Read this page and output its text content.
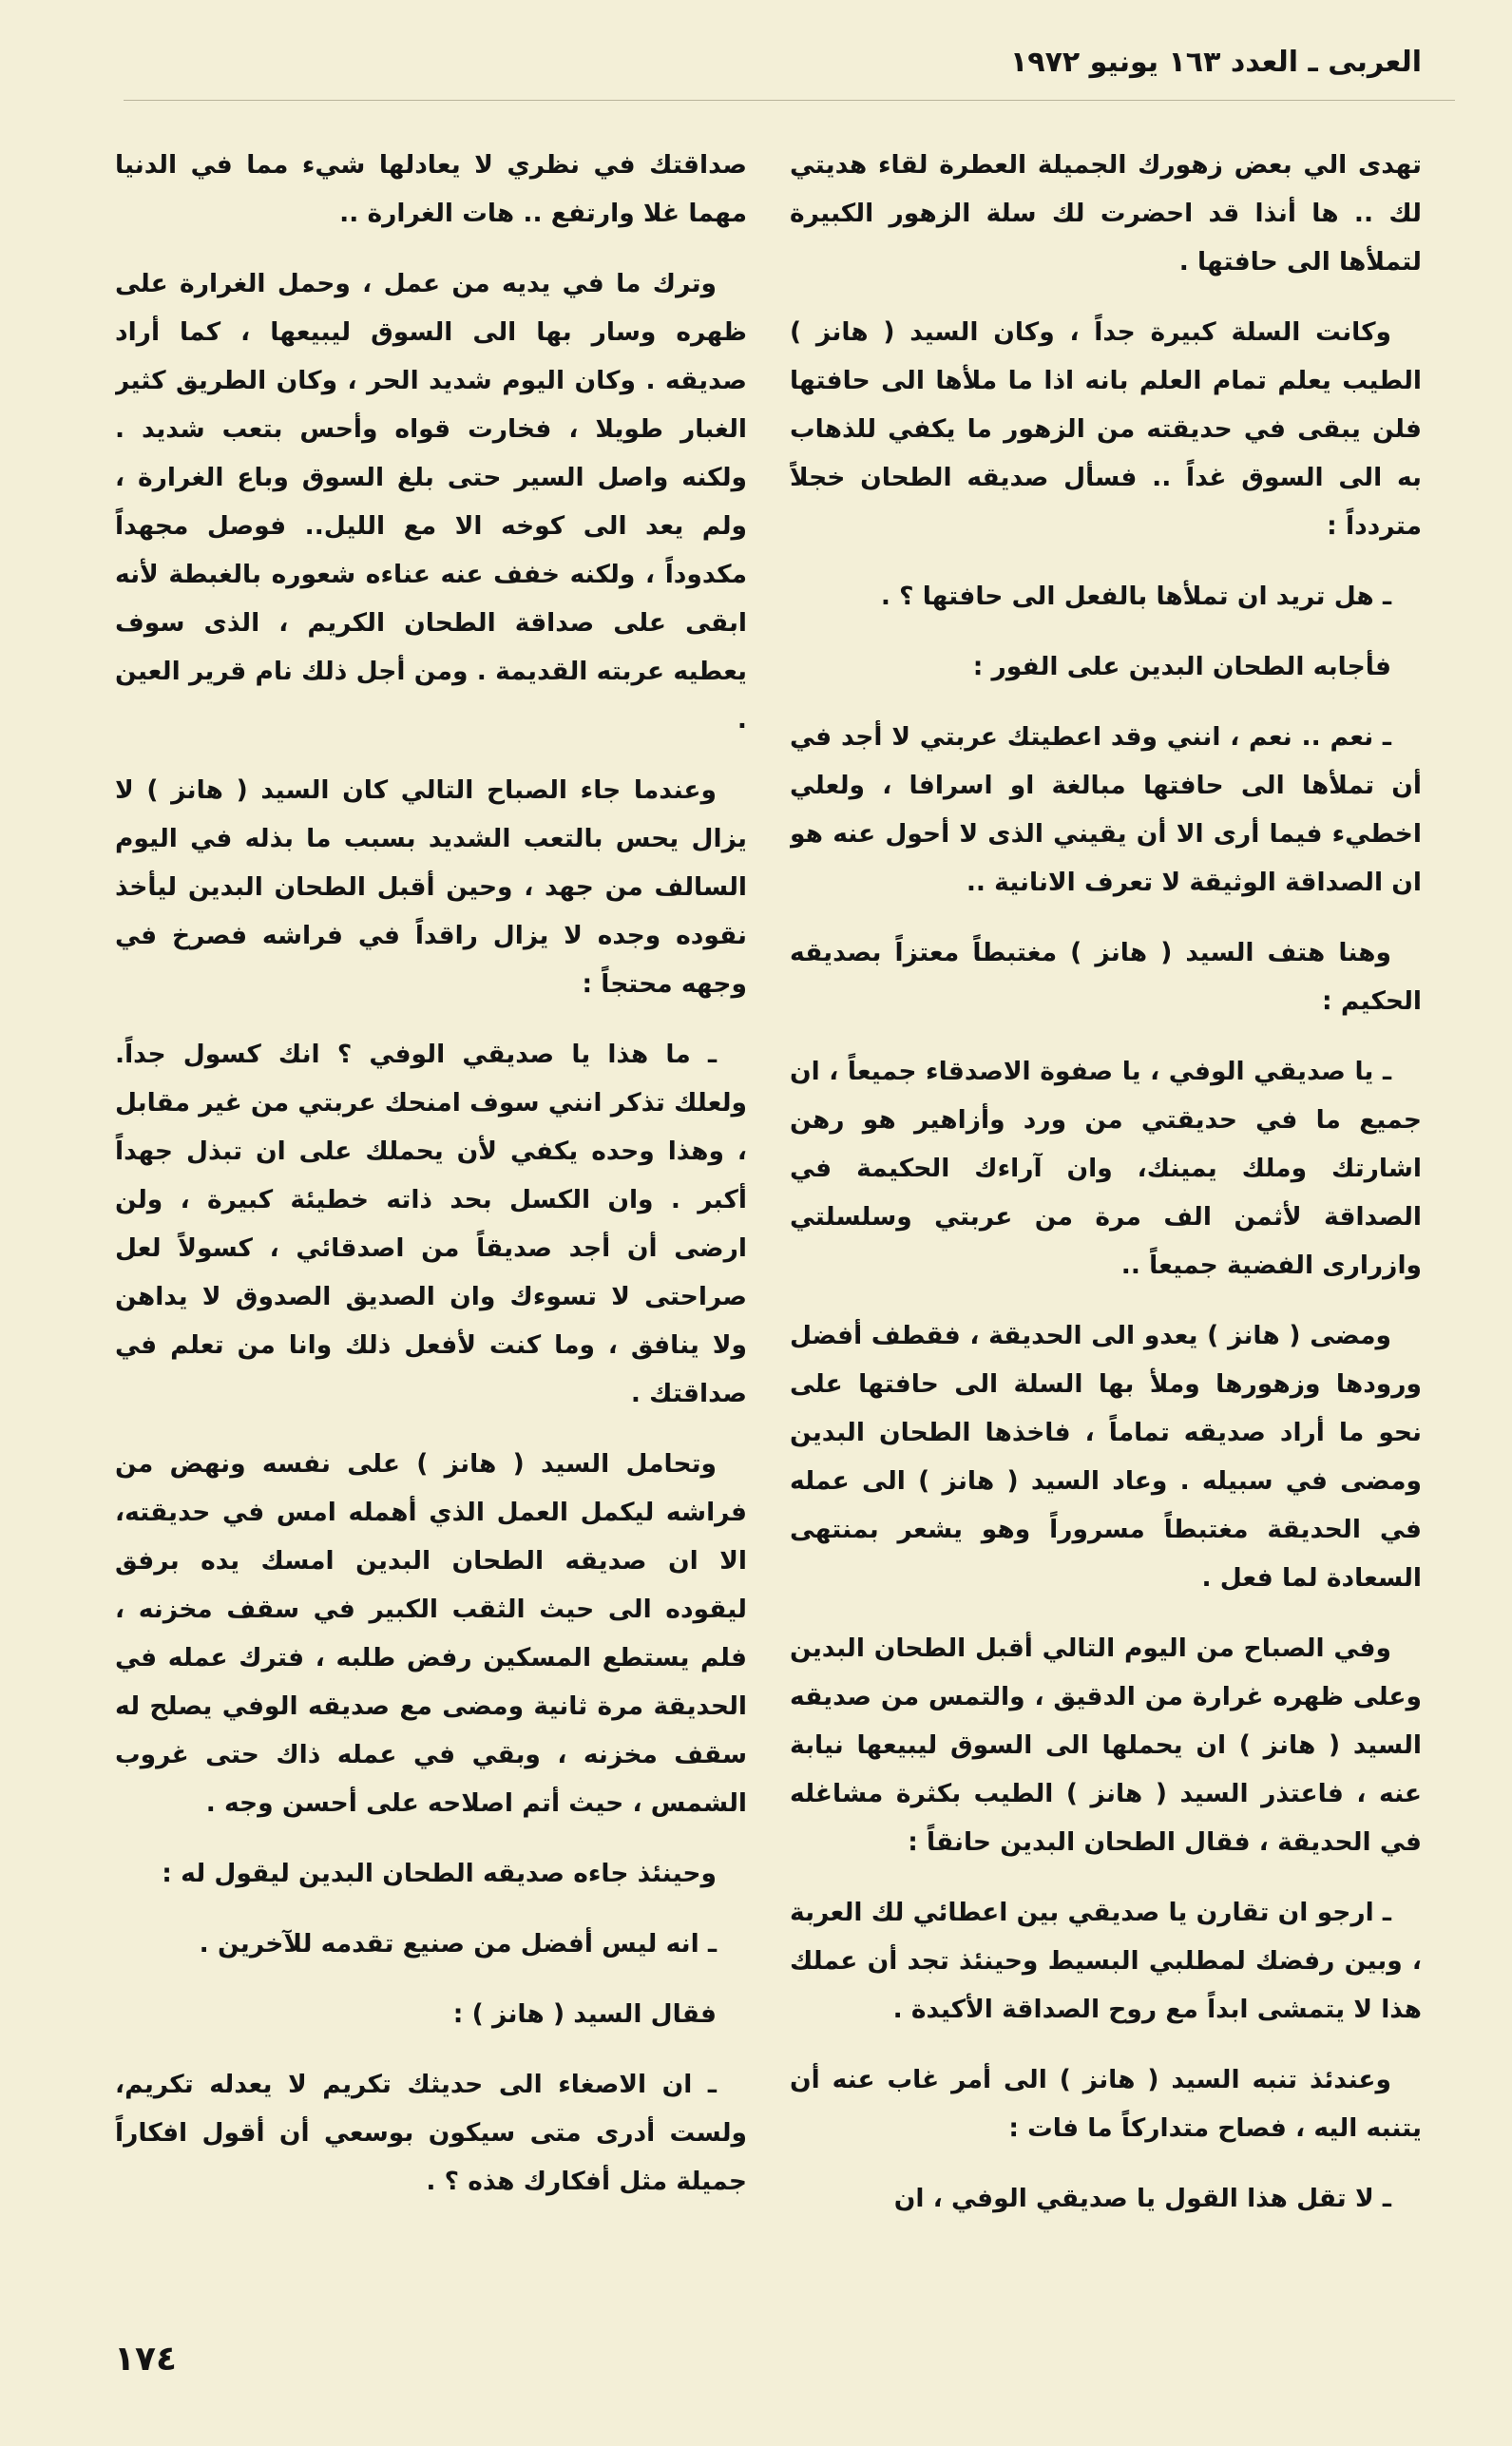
العربى ـ العدد ١٦٣ يونيو ١٩٧٢

تهدى الي بعض زهورك الجميلة العطرة لقاء هديتي لك .. ها أنذا قد احضرت لك سلة الزهور الكبيرة لتملأها الى حافتها .

وكانت السلة كبيرة جداً ، وكان السيد ( هانز ) الطيب يعلم تمام العلم بانه اذا ما ملأها الى حافتها فلن يبقى في حديقته من الزهور ما يكفي للذهاب به الى السوق غداً .. فسأل صديقه الطحان خجلاً متردداً :

ـ هل تريد ان تملأها بالفعل الى حافتها ؟ .

فأجابه الطحان البدين على الفور :

ـ نعم .. نعم ، انني وقد اعطيتك عربتي لا أجد في أن تملأها الى حافتها مبالغة او اسرافا ، ولعلي اخطيء فيما أرى الا أن يقيني الذى لا أحول عنه هو ان الصداقة الوثيقة لا تعرف الانانية ..

وهنا هتف السيد ( هانز ) مغتبطاً معتزاً بصديقه الحكيم :

ـ يا صديقي الوفي ، يا صفوة الاصدقاء جميعاً ، ان جميع ما في حديقتي من ورد وأزاهير هو رهن اشارتك وملك يمينك، وان آراءك الحكيمة في الصداقة لأثمن الف مرة من عربتي وسلسلتي وازرارى الفضية جميعاً ..

ومضى ( هانز ) يعدو الى الحديقة ، فقطف أفضل ورودها وزهورها وملأ بها السلة الى حافتها على نحو ما أراد صديقه تماماً ، فاخذها الطحان البدين ومضى في سبيله . وعاد السيد ( هانز ) الى عمله في الحديقة مغتبطاً مسروراً وهو يشعر بمنتهى السعادة لما فعل .

وفي الصباح من اليوم التالي أقبل الطحان البدين وعلى ظهره غرارة من الدقيق ، والتمس من صديقه السيد ( هانز ) ان يحملها الى السوق ليبيعها نيابة عنه ، فاعتذر السيد ( هانز ) الطيب بكثرة مشاغله في الحديقة ، فقال الطحان البدين حانقاً :

ـ ارجو ان تقارن يا صديقي بين اعطائي لك العربة ، وبين رفضك لمطلبي البسيط وحينئذ تجد أن عملك هذا لا يتمشى ابداً مع روح الصداقة الأكيدة .

وعندئذ تنبه السيد ( هانز ) الى أمر غاب عنه أن يتنبه اليه ، فصاح متداركاً ما فات :

ـ لا تقل هذا القول يا صديقي الوفي ، ان

صداقتك في نظري لا يعادلها شيء مما في الدنيا مهما غلا وارتفع .. هات الغرارة ..

وترك ما في يديه من عمل ، وحمل الغرارة على ظهره وسار بها الى السوق ليبيعها ، كما أراد صديقه . وكان اليوم شديد الحر ، وكان الطريق كثير الغبار طويلا ، فخارت قواه وأحس بتعب شديد . ولكنه واصل السير حتى بلغ السوق وباع الغرارة ، ولم يعد الى كوخه الا مع الليل.. فوصل مجهداً مكدوداً ، ولكنه خفف عنه عناءه شعوره بالغبطة لأنه ابقى على صداقة الطحان الكريم ، الذى سوف يعطيه عربته القديمة . ومن أجل ذلك نام قرير العين .

وعندما جاء الصباح التالي كان السيد ( هانز ) لا يزال يحس بالتعب الشديد بسبب ما بذله في اليوم السالف من جهد ، وحين أقبل الطحان البدين ليأخذ نقوده وجده لا يزال راقداً في فراشه فصرخ في وجهه محتجاً :

ـ ما هذا يا صديقي الوفي ؟ انك كسول جداً. ولعلك تذكر انني سوف امنحك عربتي من غير مقابل ، وهذا وحده يكفي لأن يحملك على ان تبذل جهداً أكبر . وان الكسل بحد ذاته خطيئة كبيرة ، ولن ارضى أن أجد صديقاً من اصدقائي ، كسولاً لعل صراحتى لا تسوءك وان الصديق الصدوق لا يداهن ولا ينافق ، وما كنت لأفعل ذلك وانا من تعلم في صداقتك .

وتحامل السيد ( هانز ) على نفسه ونهض من فراشه ليكمل العمل الذي أهمله امس في حديقته، الا ان صديقه الطحان البدين امسك يده برفق ليقوده الى حيث الثقب الكبير في سقف مخزنه ، فلم يستطع المسكين رفض طلبه ، فترك عمله في الحديقة مرة ثانية ومضى مع صديقه الوفي يصلح له سقف مخزنه ، وبقي في عمله ذاك حتى غروب الشمس ، حيث أتم اصلاحه على أحسن وجه .

وحينئذ جاءه صديقه الطحان البدين ليقول له :

ـ انه ليس أفضل من صنيع تقدمه للآخرين .

فقال السيد ( هانز ) :

ـ ان الاصغاء الى حديثك تكريم لا يعدله تكريم، ولست أدرى متى سيكون بوسعي أن أقول افكاراً جميلة مثل أفكارك هذه ؟ .

١٧٤
